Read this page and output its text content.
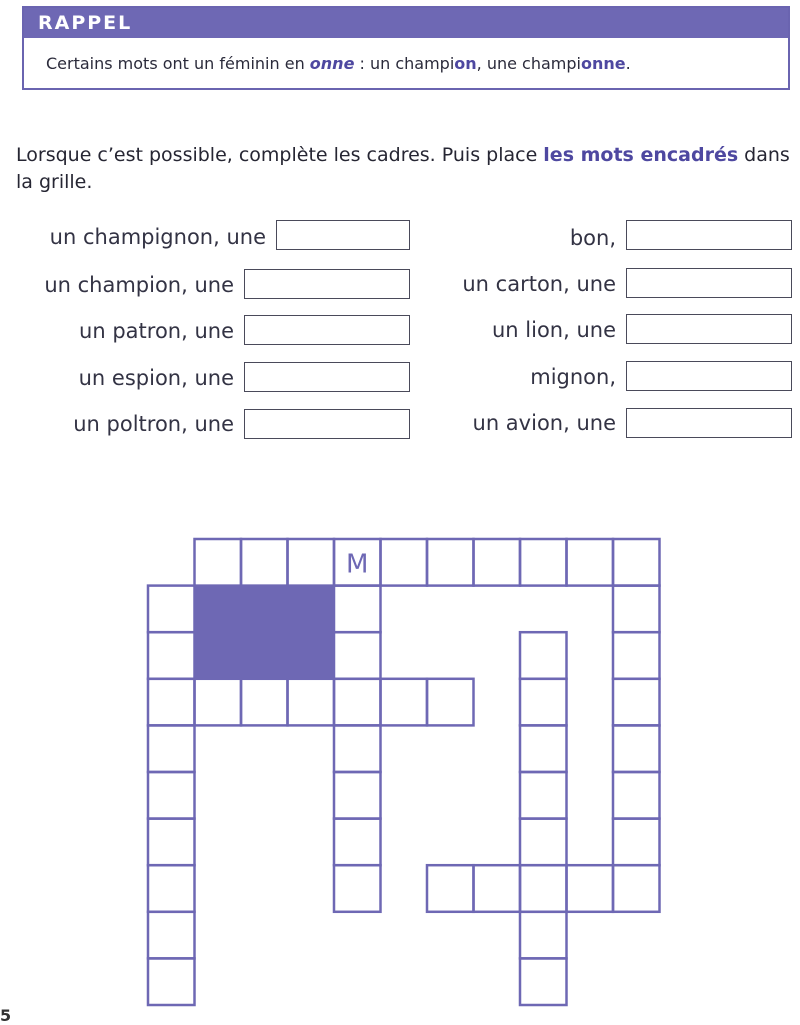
RAPPEL
Certains mots ont un féminin en onne : un champion, une championne.
Lorsque c’est possible, complète les cadres. Puis place les mots encadrés dans la grille.
un champignon, une
un champion, une
un patron, une
un espion, une
un poltron, une
bon,
un carton, une
un lion, une
mignon,
un avion, une
M
5
